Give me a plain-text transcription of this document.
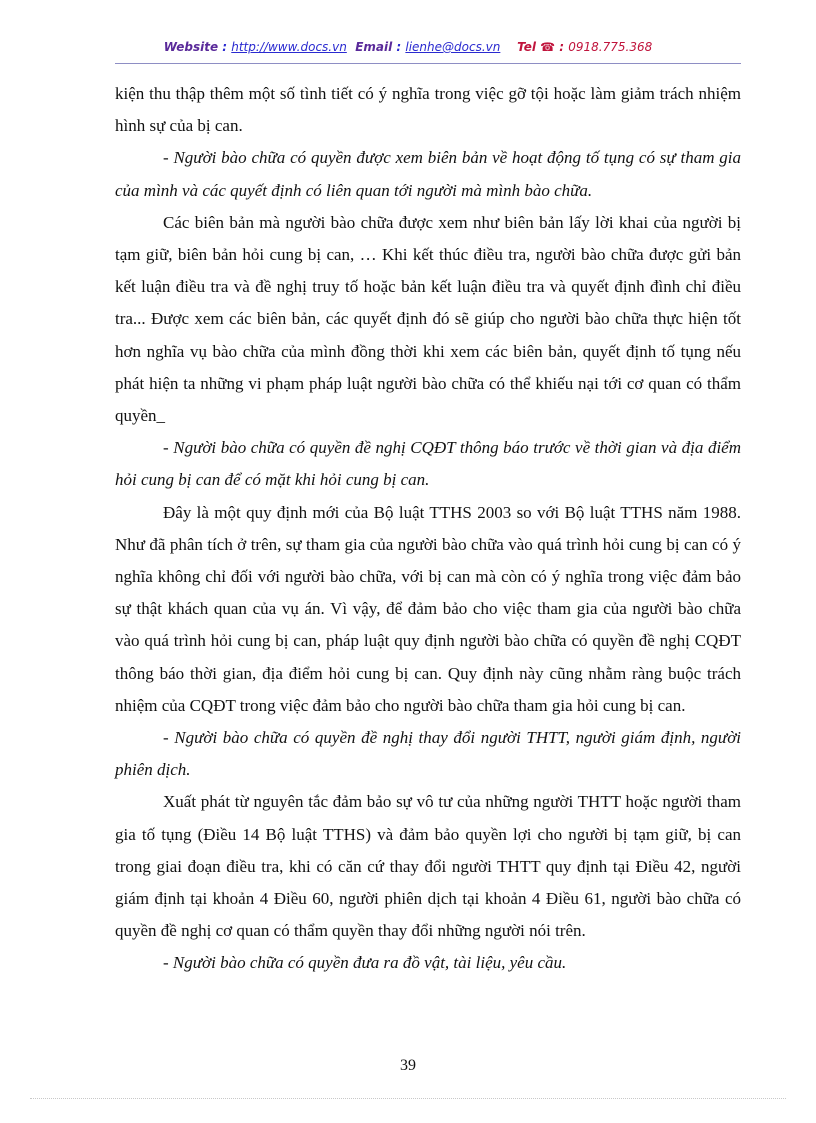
Website : http://www.docs.vn Email : lienhe@docs.vn Tel ☎ : 0918.775.368

kiện thu thập thêm một số tình tiết có ý nghĩa trong việc gỡ tội hoặc làm giảm trách nhiệm hình sự của bị can.

- Người bào chữa có quyền được xem biên bản về hoạt động tố tụng có sự tham gia của mình và các quyết định có liên quan tới người mà mình bào chữa.

Các biên bản mà người bào chữa được xem như biên bản lấy lời khai của người bị tạm giữ, biên bản hỏi cung bị can, … Khi kết thúc điều tra, người bào chữa được gửi bản kết luận điều tra và đề nghị truy tố hoặc bản kết luận điều tra và quyết định đình chỉ điều tra... Được xem các biên bản, các quyết định đó sẽ giúp cho người bào chữa thực hiện tốt hơn nghĩa vụ bào chữa của mình đồng thời khi xem các biên bản, quyết định tố tụng nếu phát hiện ta những vi phạm pháp luật người bào chữa có thể khiếu nại tới cơ quan có thẩm quyền_

- Người bào chữa có quyền đề nghị CQĐT thông báo trước về thời gian và địa điểm hỏi cung bị can để có mặt khi hỏi cung bị can.

Đây là một quy định mới của Bộ luật TTHS 2003 so với Bộ luật TTHS năm 1988. Như đã phân tích ở trên, sự tham gia của người bào chữa vào quá trình hỏi cung bị can có ý nghĩa không chỉ đối với người bào chữa, với bị can mà còn có ý nghĩa trong việc đảm bảo sự thật khách quan của vụ án. Vì vậy, để đảm bảo cho việc tham gia của người bào chữa vào quá trình hỏi cung bị can, pháp luật quy định người bào chữa có quyền đề nghị CQĐT thông báo thời gian, địa điểm hỏi cung bị can. Quy định này cũng nhằm ràng buộc trách nhiệm của CQĐT trong việc đảm bảo cho người bào chữa tham gia hỏi cung bị can.

- Người bào chữa có quyền đề nghị thay đổi người THTT, người giám định, người phiên dịch.

Xuất phát từ nguyên tắc đảm bảo sự vô tư của những người THTT hoặc người tham gia tố tụng (Điều 14 Bộ luật TTHS) và đảm bảo quyền lợi cho người bị tạm giữ, bị can trong giai đoạn điều tra, khi có căn cứ thay đổi người THTT quy định tại Điều 42, người giám định tại khoản 4 Điều 60, người phiên dịch tại khoản 4 Điều 61, người bào chữa có quyền đề nghị cơ quan có thẩm quyền thay đổi những người nói trên.

- Người bào chữa có quyền đưa ra đồ vật, tài liệu, yêu cầu.

39
